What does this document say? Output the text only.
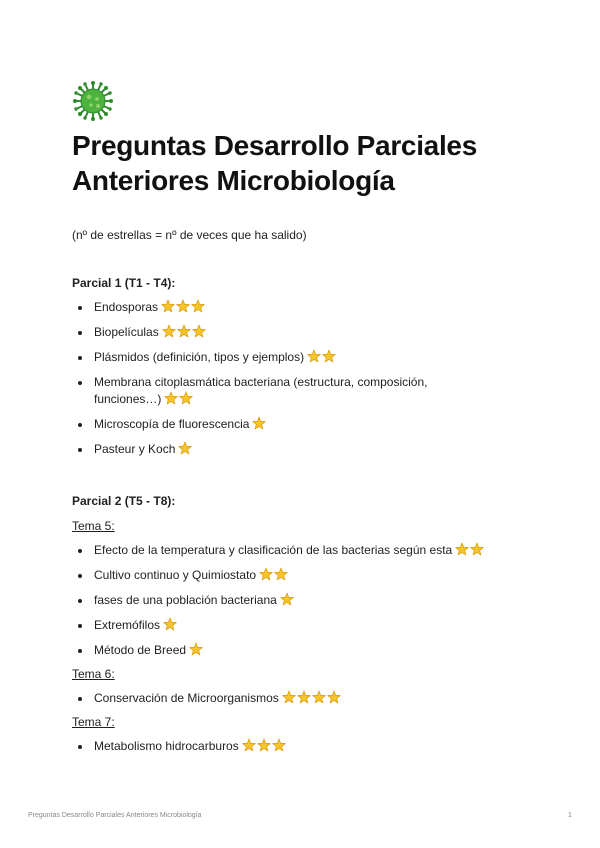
Preguntas Desarrollo Parciales Anteriores Microbiología

(nº de estrellas = nº de veces que ha salido)

Parcial 1 (T1 - T4):

Endosporas
Biopelículas
Plásmidos (definición, tipos y ejemplos)
Membrana citoplasmática bacteriana (estructura, composición, funciones…)
Microscopía de fluorescencia
Pasteur y Koch

Parcial 2 (T5 - T8):

Tema 5:

Efecto de la temperatura y clasificación de las bacterias según esta
Cultivo continuo y Quimiostato
fases de una población bacteriana
Extremófilos
Método de Breed

Tema 6:

Conservación de Microorganismos

Tema 7:

Metabolismo hidrocarburos
Preguntas Desarrollo Parciales Anteriores Microbiología	1
